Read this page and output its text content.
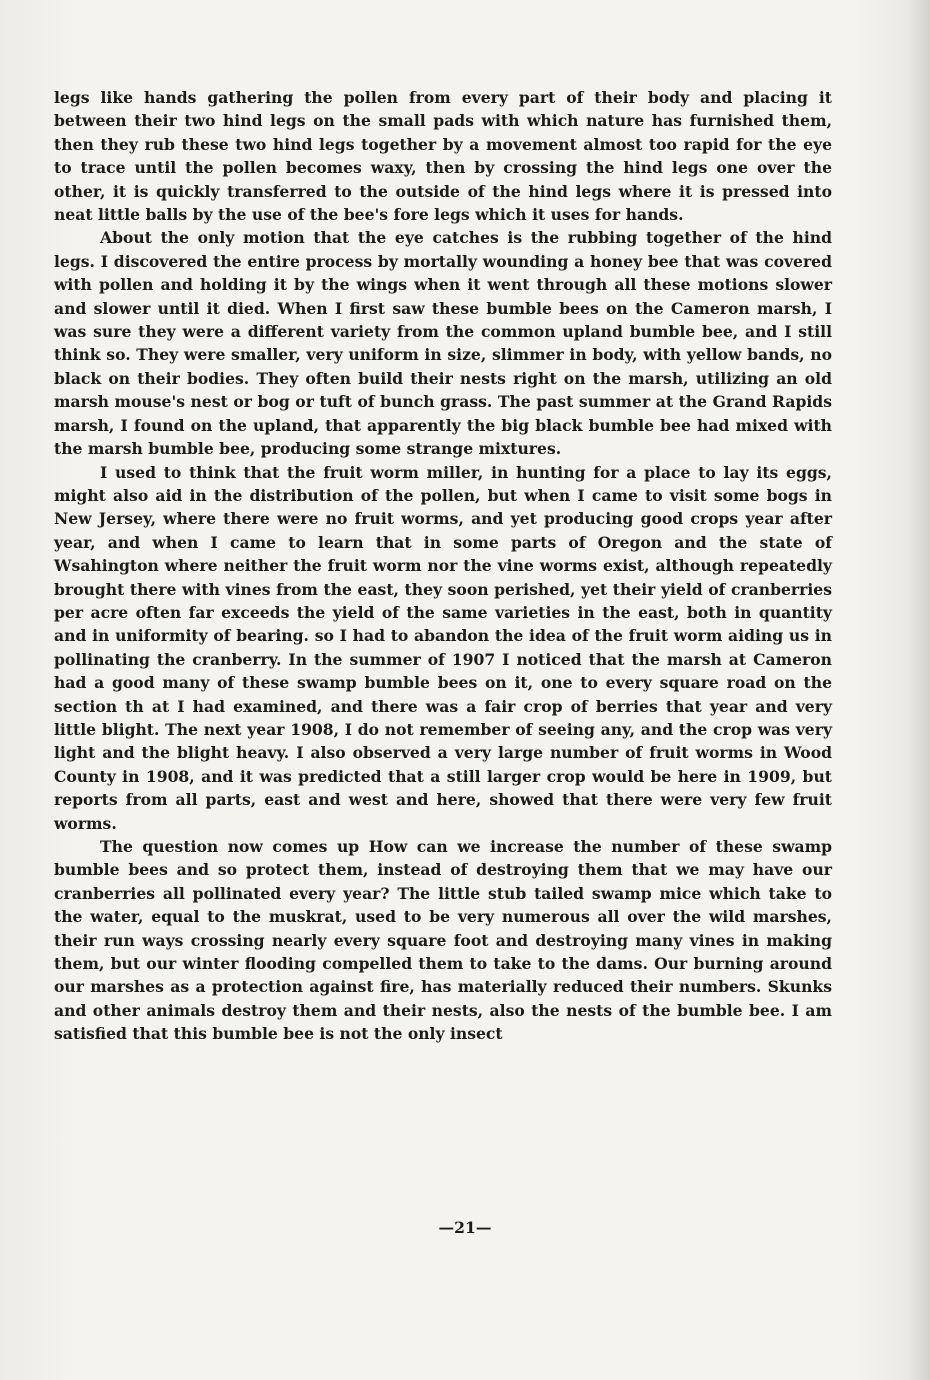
legs like hands gathering the pollen from every part of their body and placing it between their two hind legs on the small pads with which nature has furnished them, then they rub these two hind legs together by a movement almost too rapid for the eye to trace until the pollen becomes waxy, then by crossing the hind legs one over the other, it is quickly transferred to the outside of the hind legs where it is pressed into neat little balls by the use of the bee's fore legs which it uses for hands.

About the only motion that the eye catches is the rubbing together of the hind legs. I discovered the entire process by mortally wounding a honey bee that was covered with pollen and holding it by the wings when it went through all these motions slower and slower until it died. When I first saw these bumble bees on the Cameron marsh, I was sure they were a different variety from the common upland bumble bee, and I still think so. They were smaller, very uniform in size, slimmer in body, with yellow bands, no black on their bodies. They often build their nests right on the marsh, utilizing an old marsh mouse's nest or bog or tuft of bunch grass. The past summer at the Grand Rapids marsh, I found on the upland, that apparently the big black bumble bee had mixed with the marsh bumble bee, producing some strange mixtures.

I used to think that the fruit worm miller, in hunting for a place to lay its eggs, might also aid in the distribution of the pollen, but when I came to visit some bogs in New Jersey, where there were no fruit worms, and yet producing good crops year after year, and when I came to learn that in some parts of Oregon and the state of Wsahington where neither the fruit worm nor the vine worms exist, although repeatedly brought there with vines from the east, they soon perished, yet their yield of cranberries per acre often far exceeds the yield of the same varieties in the east, both in quantity and in uniformity of bearing. so I had to abandon the idea of the fruit worm aiding us in pollinating the cranberry. In the summer of 1907 I noticed that the marsh at Cameron had a good many of these swamp bumble bees on it, one to every square road on the section th at I had examined, and there was a fair crop of berries that year and very little blight. The next year 1908, I do not remember of seeing any, and the crop was very light and the blight heavy. I also observed a very large number of fruit worms in Wood County in 1908, and it was predicted that a still larger crop would be here in 1909, but reports from all parts, east and west and here, showed that there were very few fruit worms.

The question now comes up How can we increase the number of these swamp bumble bees and so protect them, instead of destroying them that we may have our cranberries all pollinated every year? The little stub tailed swamp mice which take to the water, equal to the muskrat, used to be very numerous all over the wild marshes, their run ways crossing nearly every square foot and destroying many vines in making them, but our winter flooding compelled them to take to the dams. Our burning around our marshes as a protection against fire, has materially reduced their numbers. Skunks and other animals destroy them and their nests, also the nests of the bumble bee. I am satisfied that this bumble bee is not the only insect

—21—
